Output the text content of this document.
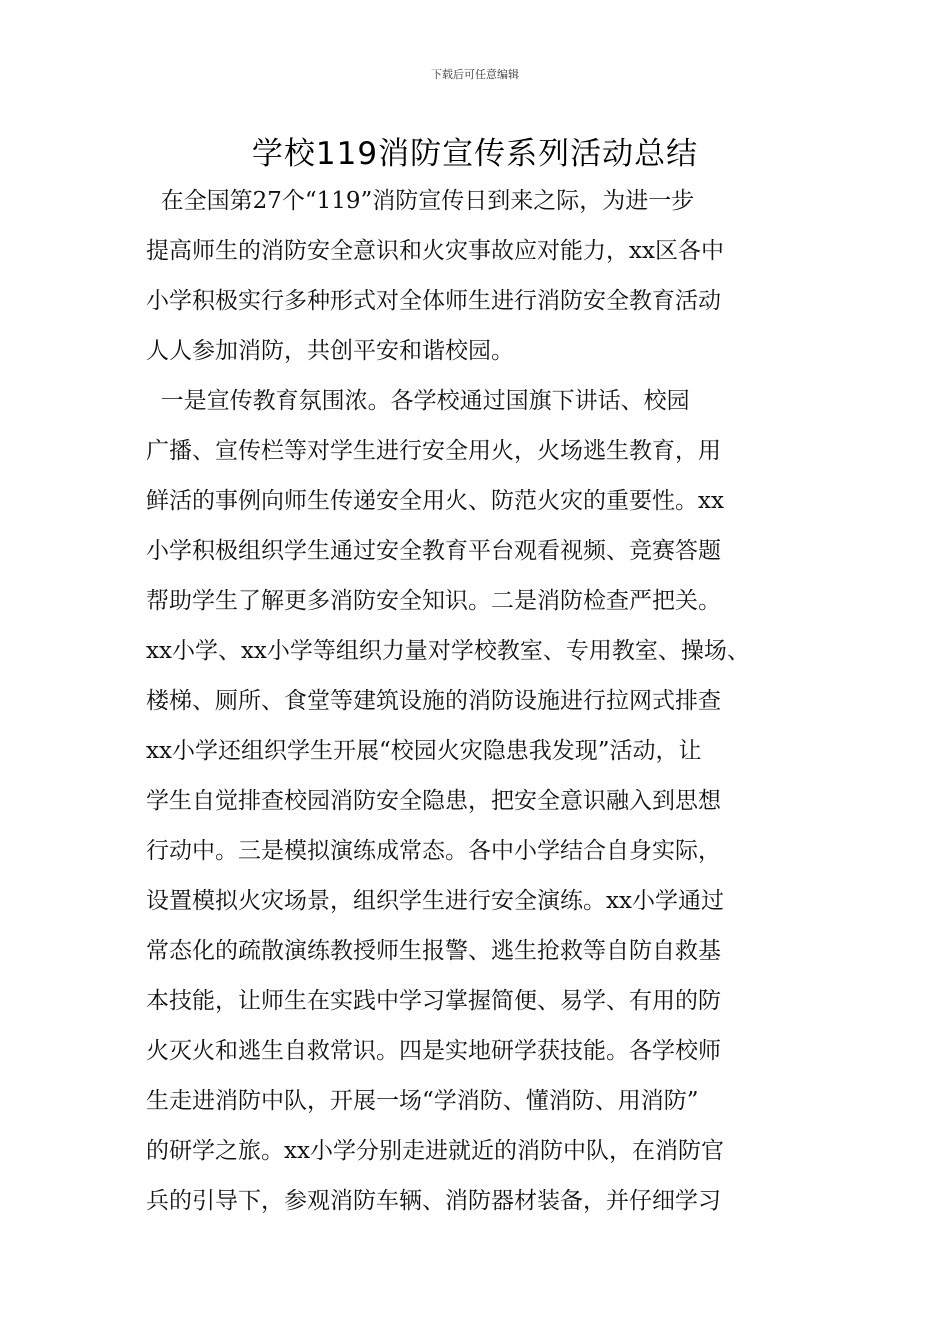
下载后可任意编辑
学校119消防宣传系列活动总结
在全国第27个“119”消防宣传日到来之际，为进一步
提高师生的消防安全意识和火灾事故应对能力，xx区各中
小学积极实行多种形式对全体师生进行消防安全教育活动
人人参加消防，共创平安和谐校园。
一是宣传教育氛围浓。各学校通过国旗下讲话、校园
广播、宣传栏等对学生进行安全用火，火场逃生教育，用
鲜活的事例向师生传递安全用火、防范火灾的重要性。xx
小学积极组织学生通过安全教育平台观看视频、竞赛答题
帮助学生了解更多消防安全知识。二是消防检查严把关。
xx小学、xx小学等组织力量对学校教室、专用教室、操场、
楼梯、厕所、食堂等建筑设施的消防设施进行拉网式排查
xx小学还组织学生开展“校园火灾隐患我发现”活动，让
学生自觉排查校园消防安全隐患，把安全意识融入到思想
行动中。三是模拟演练成常态。各中小学结合自身实际，
设置模拟火灾场景，组织学生进行安全演练。xx小学通过
常态化的疏散演练教授师生报警、逃生抢救等自防自救基
本技能，让师生在实践中学习掌握简便、易学、有用的防
火灭火和逃生自救常识。四是实地研学获技能。各学校师
生走进消防中队，开展一场“学消防、懂消防、用消防”
的研学之旅。xx小学分别走进就近的消防中队，在消防官
兵的引导下，参观消防车辆、消防器材装备，并仔细学习
